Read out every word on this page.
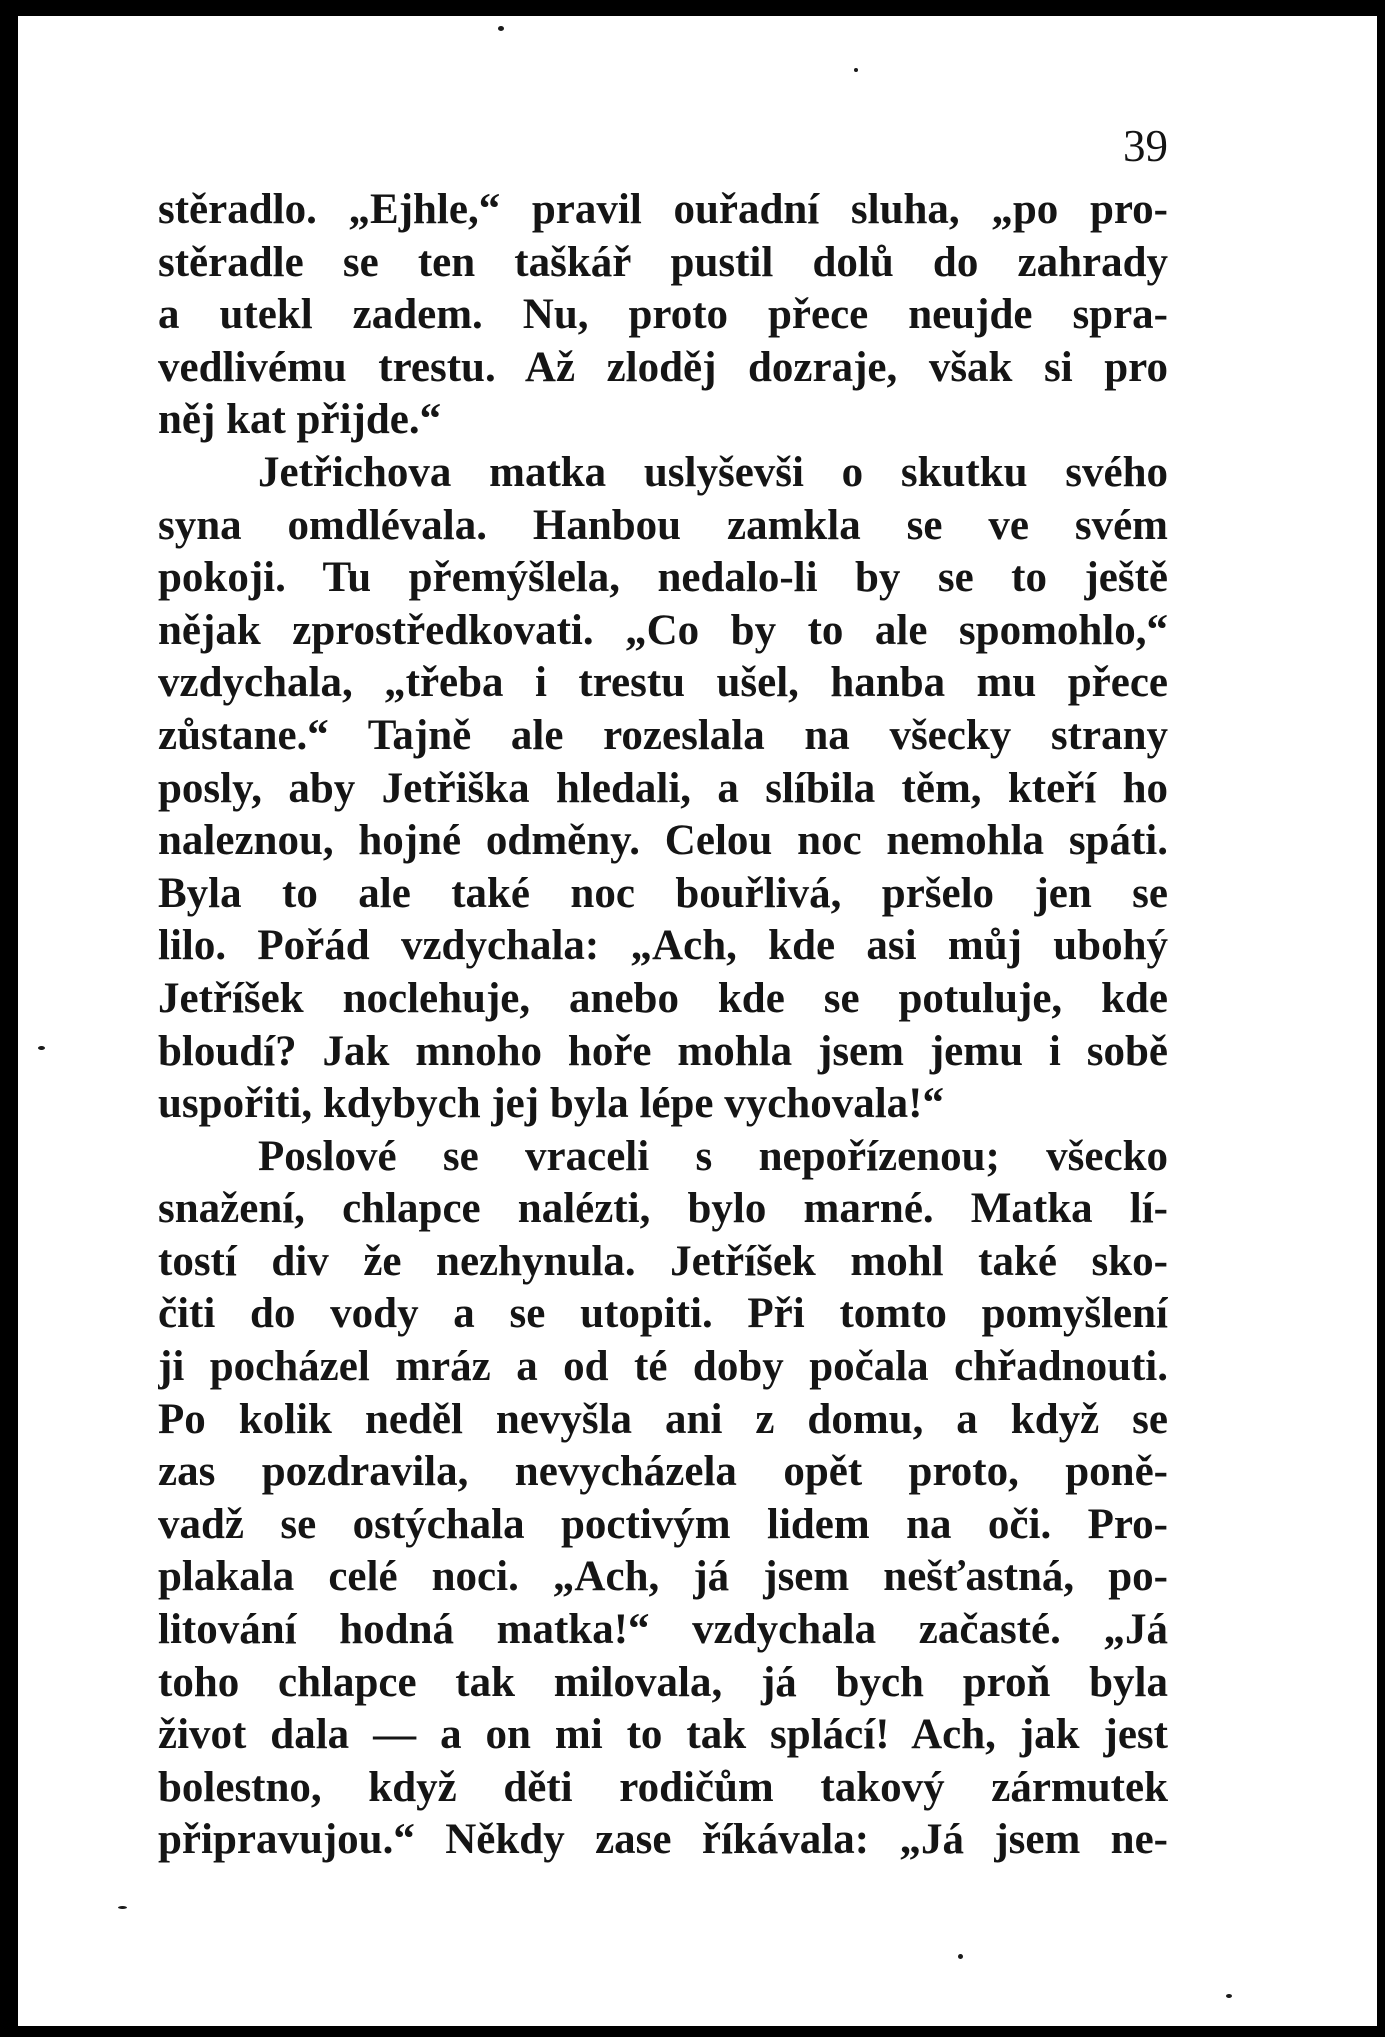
39
stěradlo. „Ejhle,“ pravil ouřadní sluha, „po pro-
stěradle se ten taškář pustil dolů do zahrady
a utekl zadem. Nu, proto přece neujde spra-
vedlivému trestu. Až zloděj dozraje, však si pro
něj kat přijde.“
Jetřichova matka uslyševši o skutku svého
syna omdlévala. Hanbou zamkla se ve svém
pokoji. Tu přemýšlela, nedalo-li by se to ještě
nějak zprostředkovati. „Co by to ale spomohlo,“
vzdychala, „třeba i trestu ušel, hanba mu přece
zůstane.“ Tajně ale rozeslala na všecky strany
posly, aby Jetřiška hledali, a slíbila těm, kteří ho
naleznou, hojné odměny. Celou noc nemohla spáti.
Byla to ale také noc bouřlivá, pršelo jen se
lilo. Pořád vzdychala: „Ach, kde asi můj ubohý
Jetříšek noclehuje, anebo kde se potuluje, kde
bloudí? Jak mnoho hoře mohla jsem jemu i sobě
uspořiti, kdybych jej byla lépe vychovala!“
Poslové se vraceli s nepořízenou; všecko
snažení, chlapce nalézti, bylo marné. Matka lí-
tostí div že nezhynula. Jetříšek mohl také sko-
čiti do vody a se utopiti. Při tomto pomyšlení
ji pocházel mráz a od té doby počala chřadnouti.
Po kolik neděl nevyšla ani z domu, a když se
zas pozdravila, nevycházela opět proto, poně-
vadž se ostýchala poctivým lidem na oči. Pro-
plakala celé noci. „Ach, já jsem nešťastná, po-
litování hodná matka!“ vzdychala začasté. „Já
toho chlapce tak milovala, já bych proň byla
život dala — a on mi to tak splácí! Ach, jak jest
bolestno, když děti rodičům takový zármutek
připravujou.“ Někdy zase říkávala: „Já jsem ne-
